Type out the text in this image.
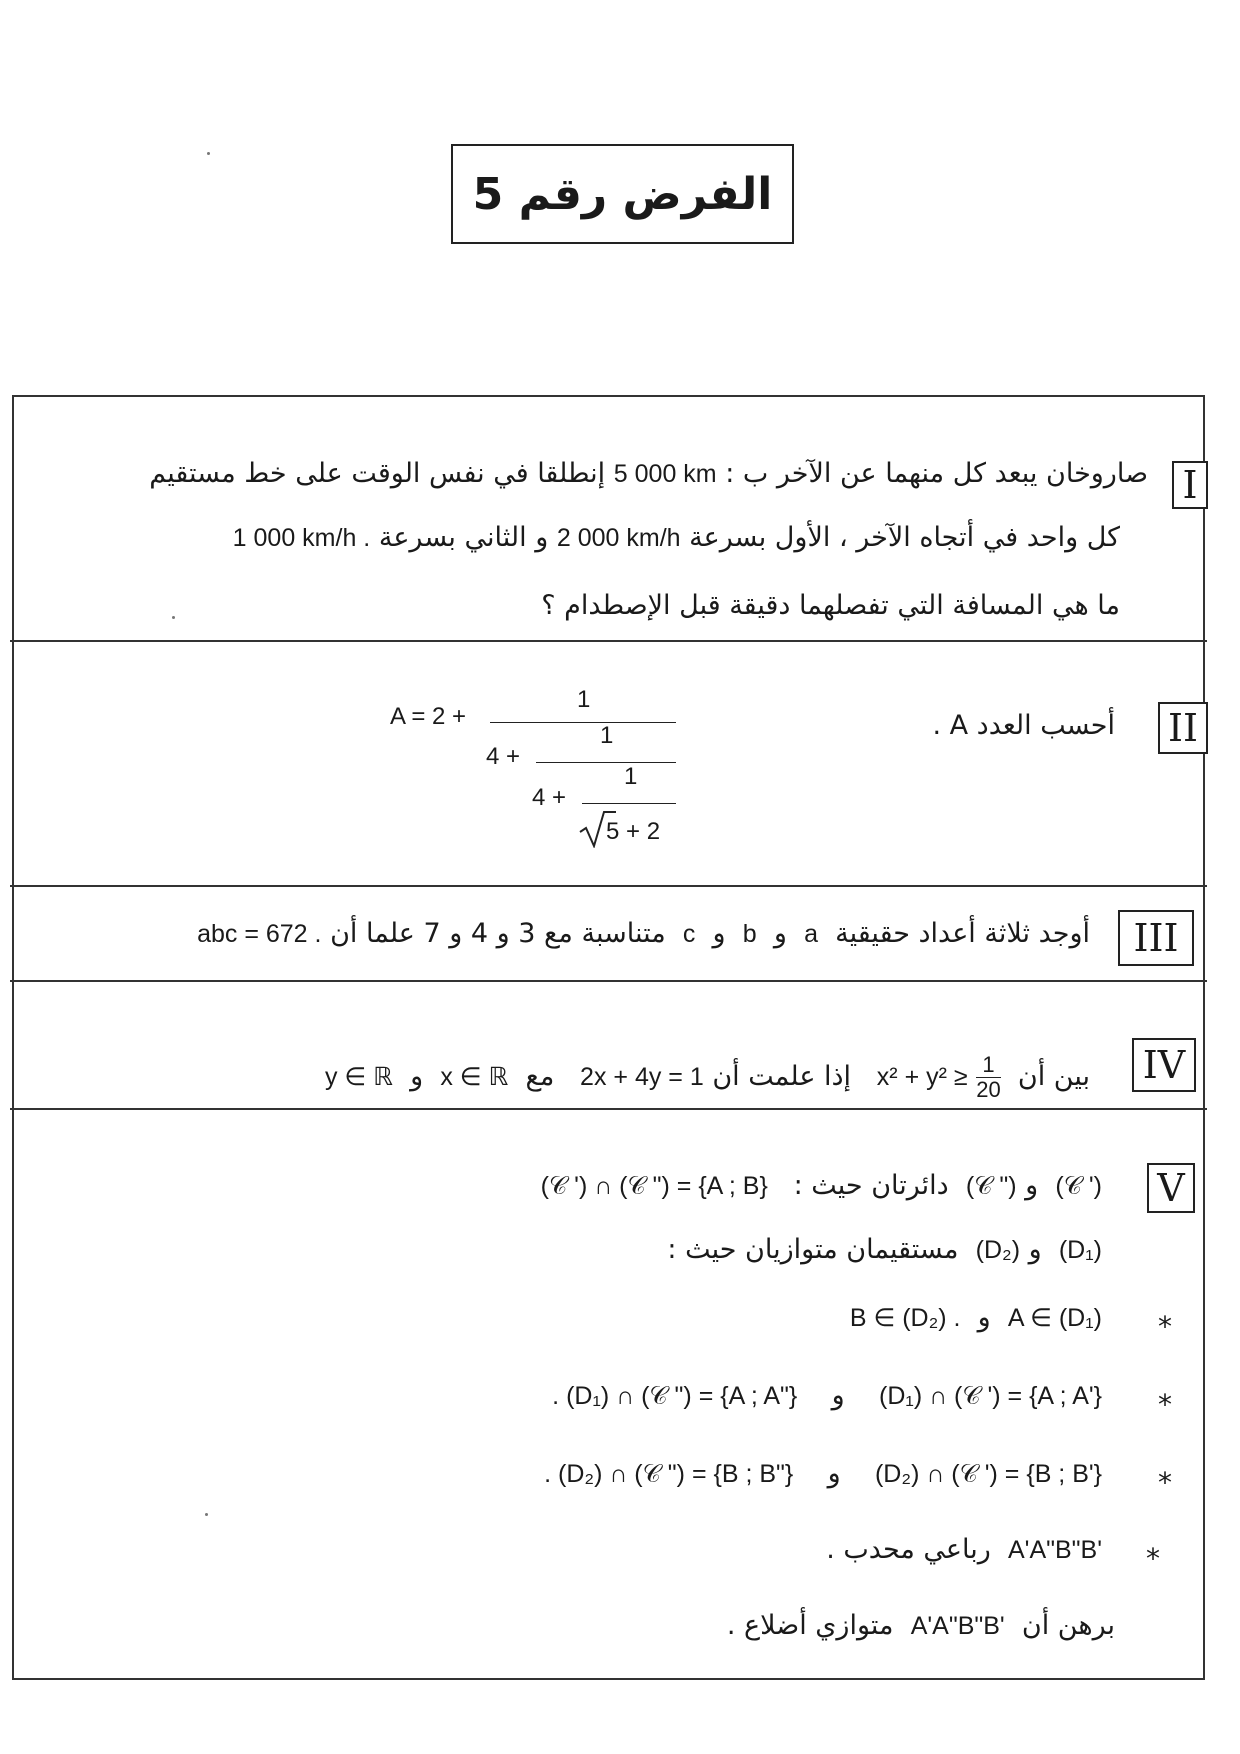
الفرض رقم 5
I
صاروخان يبعد كل منهما عن الآخر ب : 5 000 km إنطلقا في نفس الوقت على خط مستقيم
كل واحد في أتجاه الآخر ، الأول بسرعة 2 000 km/h و الثاني بسرعة 1 000 km/h .
ما هي المسافة التي تفصلهما دقيقة قبل الإصطدام ؟
II
أحسب العدد A .
A = 2 +
1
4 +
1
4 +
1
5 + 2
III
أوجد ثلاثة أعداد حقيقية  a  و  b  و  c  متناسبة مع 3 و 4 و 7 علما أن abc = 672 .
IV
بين أن
$\frac{1}{20}$
x² + y² ≥   إذا علمت أن 2x + 4y = 1   مع  x ∈ ℝ  و  y ∈ ℝ
V
(𝒞 ')  و (𝒞 ")  دائرتان حيث :   (𝒞 ') ∩ (𝒞 ") = {A ; B}
(D₁)  و (D₂)  مستقيمان متوازيان حيث :
*
A ∈ (D₁)  و  B ∈ (D₂) .
*
(D₁) ∩ (𝒞 ') = {A ; A'}    و    . (D₁) ∩ (𝒞 ") = {A ; A"}
*
(D₂) ∩ (𝒞 ') = {B ; B'}    و    . (D₂) ∩ (𝒞 ") = {B ; B"}
*
A'A"B"B'  رباعي محدب .
برهن أن  A'A"B"B'  متوازي أضلاع .
